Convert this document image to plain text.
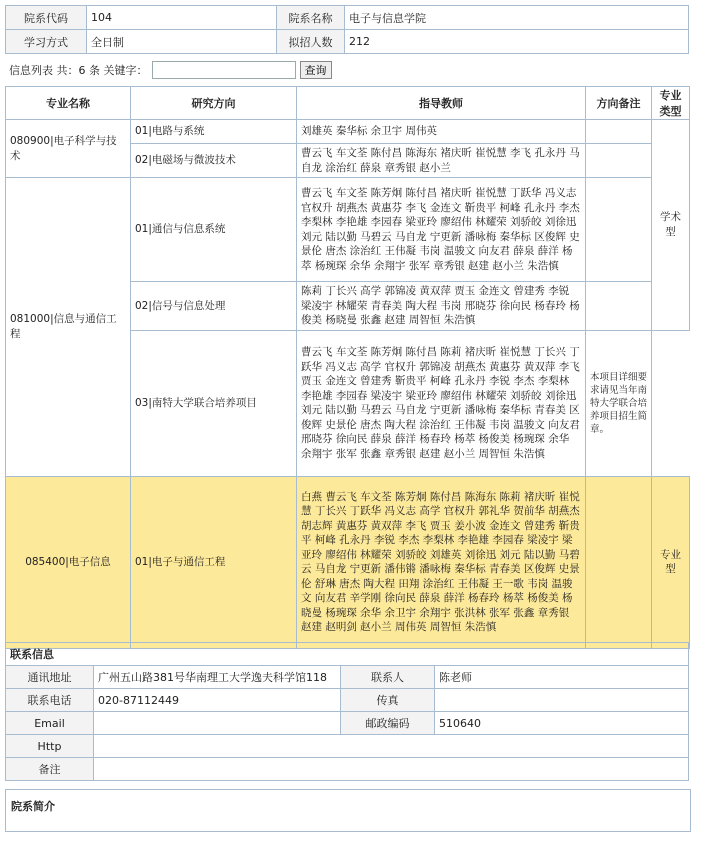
院系代码	104	院系名称	电子与信息学院
学习方式	全日制	拟招人数	212
信息列表 共：6 条 关键字：	查询
专业名称	研究方向	指导教师	方向备注	专业类型
080900|电子科学与技术	01|电路与系统	刘雄英 秦华标 余卫宇 周伟英		学术型
	02|电磁场与微波技术	曹云飞 车文荃 陈付昌 陈海东 褚庆昕 崔悦慧 李飞 孔永丹 马自龙 涂治红 薛泉 章秀银 赵小兰		
081000|信息与通信工程	01|通信与信息系统	曹云飞 车文荃 陈芳炯 陈付昌 褚庆昕 崔悦慧 丁跃华 冯义志 官权升 胡燕杰 黄惠芬 李飞 金连文 靳贵平 柯峰 孔永丹 李杰 李梨林 李艳雄 李园春 梁亚玲 廖绍伟 林耀荣 刘骄皎 刘徐迅 刘元 陆以勤 马碧云 马自龙 宁更新 潘咏梅 秦华标 区俊辉 史景伦 唐杰 涂治红 王伟凝 韦岗 温骏文 向友君 薛泉 薛洋 杨萃 杨琬琛 余华 余翔宇 张军 章秀银 赵建 赵小兰 朱浩慎		
	02|信号与信息处理	陈莉 丁长兴 高学 郭锦凌 黄双萍 贾玉 金连文 曾建秀 李锐 梁凌宇 林耀荣 青春美 陶大程 韦岗 邢晓芬 徐向民 杨春玲 杨俊美 杨晓曼 张鑫 赵建 周智恒 朱浩慎		
	03|南特大学联合培养项目	曹云飞 车文荃 陈芳炯 陈付昌 陈莉 褚庆昕 崔悦慧 丁长兴 丁跃华 冯义志 高学 官权升 郭锦凌 胡燕杰 黄惠芬 黄双萍 李飞 贾玉 金连文 曾建秀 靳贵平 柯峰 孔永丹 李锐 李杰 李梨林 李艳雄 李园春 梁凌宇 梁亚玲 廖绍伟 林耀荣 刘骄皎 刘徐迅 刘元 陆以勤 马碧云 马自龙 宁更新 潘咏梅 秦华标 青春美 区俊辉 史景伦 唐杰 陶大程 涂治红 王伟凝 韦岗 温骏文 向友君 邢晓芬 徐向民 薛泉 薛洋 杨春玲 杨萃 杨俊美 杨琬琛 余华 余翔宇 张军 张鑫 章秀银 赵建 赵小兰 周智恒 朱浩慎	本项目详细要求请见当年南特大学联合培养项目招生简章。	
085400|电子信息	01|电子与通信工程	白燕 曹云飞 车文荃 陈芳炯 陈付昌 陈海东 陈莉 褚庆昕 崔悦慧 丁长兴 丁跃华 冯义志 高学 官权升 郭礼华 贺前华 胡燕杰 胡志辉 黄惠芬 黄双萍 李飞 贾玉 姜小波 金连文 曾建秀 靳贵平 柯峰 孔永丹 李锐 李杰 李梨林 李艳雄 李园春 梁凌宇 梁亚玲 廖绍伟 林耀荣 刘骄皎 刘雄英 刘徐迅 刘元 陆以勤 马碧云 马自龙 宁更新 潘伟锵 潘咏梅 秦华标 青春美 区俊辉 史景伦 舒琳 唐杰 陶大程 田翔 涂治红 王伟凝 王一歌 韦岗 温骏文 向友君 辛学刚 徐向民 薛泉 薛洋 杨春玲 杨萃 杨俊美 杨晓曼 杨琬琛 余华 余卫宇 余翔宇 张洪林 张军 张鑫 章秀银 赵建 赵明剑 赵小兰 周伟英 周智恒 朱浩慎		专业型
联系信息			
通讯地址	广州五山路381号华南理工大学逸夫科学馆118	联系人	陈老师
联系电话	020-87112449	传真	
Email		邮政编码	510640
Http			
备注			
院系简介
